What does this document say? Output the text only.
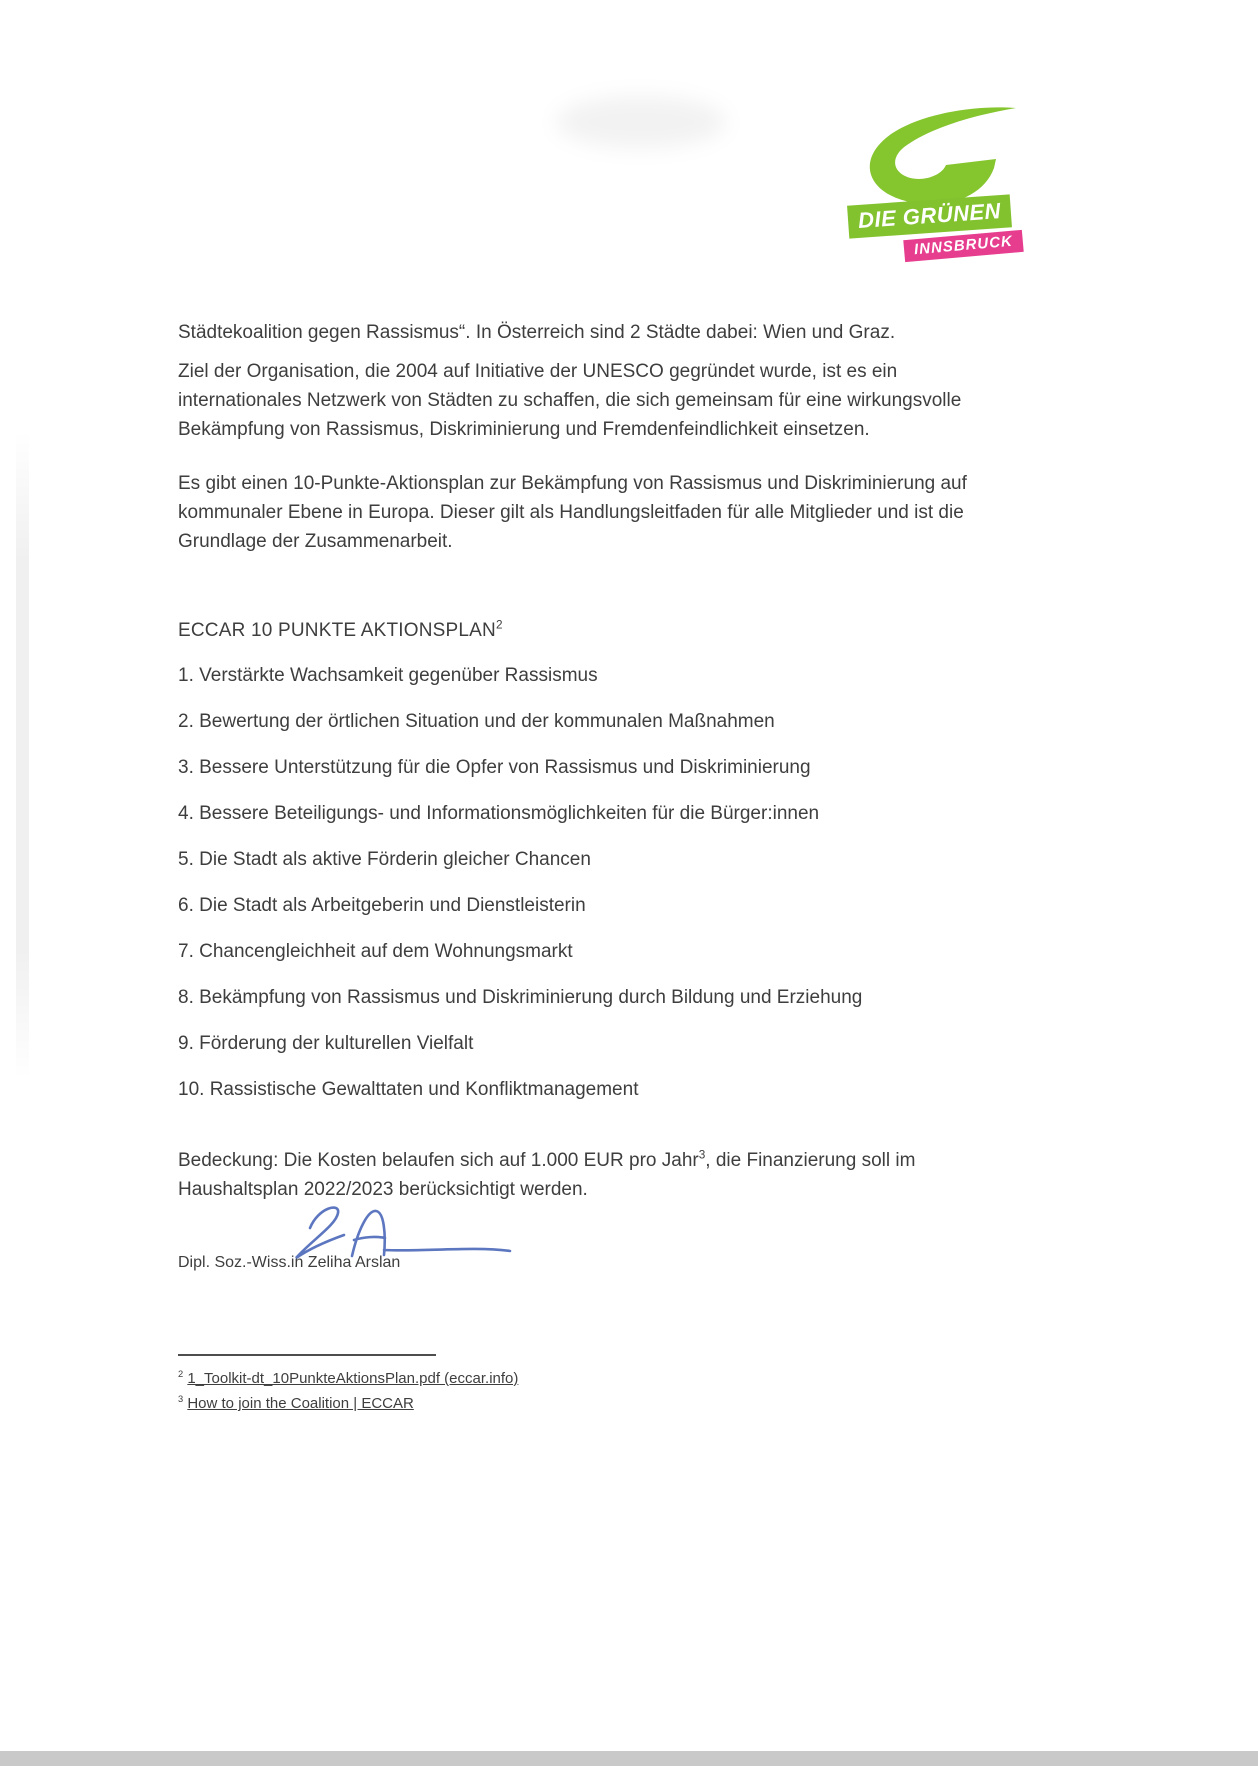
DIE GRÜNEN
INNSBRUCK

Städtekoalition gegen Rassismus“. In Österreich sind 2 Städte dabei: Wien und Graz.

Ziel der Organisation, die 2004 auf Initiative der UNESCO gegründet wurde, ist es ein internationales Netzwerk von Städten zu schaffen, die sich gemeinsam für eine wirkungsvolle Bekämpfung von Rassismus, Diskriminierung und Fremdenfeindlichkeit einsetzen.

Es gibt einen 10-Punkte-Aktionsplan zur Bekämpfung von Rassismus und Diskriminierung auf kommunaler Ebene in Europa. Dieser gilt als Handlungsleitfaden für alle Mitglieder und ist die Grundlage der Zusammenarbeit.

ECCAR 10 PUNKTE AKTIONSPLAN$^2$

1. Verstärkte Wachsamkeit gegenüber Rassismus
2. Bewertung der örtlichen Situation und der kommunalen Maßnahmen
3. Bessere Unterstützung für die Opfer von Rassismus und Diskriminierung
4. Bessere Beteiligungs- und Informationsmöglichkeiten für die Bürger:innen
5. Die Stadt als aktive Förderin gleicher Chancen
6. Die Stadt als Arbeitgeberin und Dienstleisterin
7. Chancengleichheit auf dem Wohnungsmarkt
8. Bekämpfung von Rassismus und Diskriminierung durch Bildung und Erziehung
9. Förderung der kulturellen Vielfalt
10. Rassistische Gewalttaten und Konfliktmanagement

Bedeckung: Die Kosten belaufen sich auf 1.000 EUR pro Jahr$^3$, die Finanzierung soll im Haushaltsplan 2022/2023 berücksichtigt werden.

Dipl. Soz.-Wiss.in Zeliha Arslan
$^2$ 1_Toolkit-dt_10PunkteAktionsPlan.pdf (eccar.info)
$^3$ How to join the Coalition | ECCAR
